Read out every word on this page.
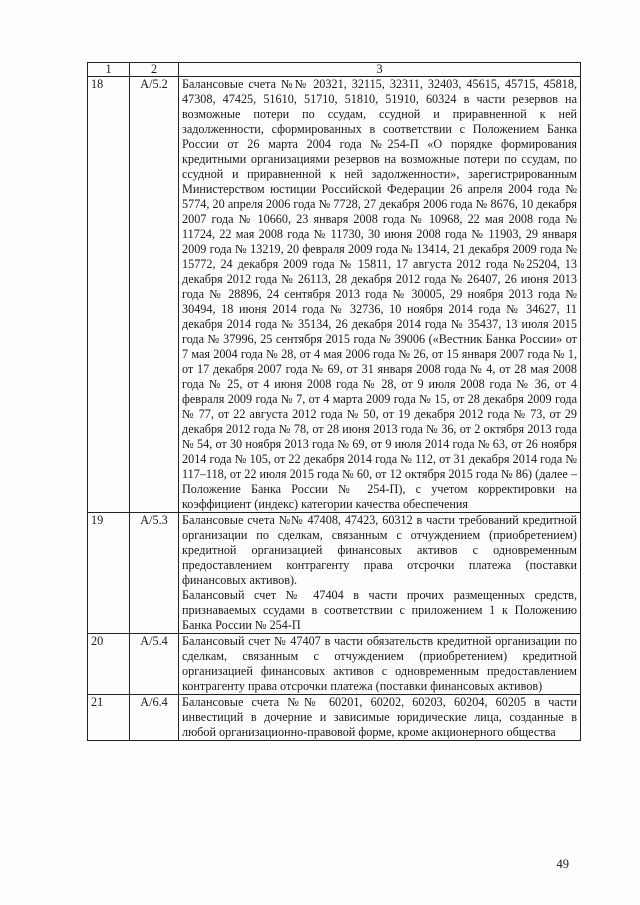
1	2	3
18	А/5.2	Балансовые счета №№ 20321, 32115, 32311, 32403, 45615, 45715, 45818, 47308, 47425, 51610, 51710, 51810, 51910, 60324 в части резервов на возможные потери по ссудам, ссудной и приравненной к ней задолженности, сформированных в соответствии с Положением Банка России от 26 марта 2004 года №254-П «О порядке формирования кредитными организациями резервов на возможные потери по ссудам, по ссудной и приравненной к ней задолженности», зарегистрированным Министерством юстиции Российской Федерации 26 апреля 2004 года № 5774, 20 апреля 2006 года № 7728, 27 декабря 2006 года № 8676, 10 декабря 2007 года № 10660, 23 января 2008 года № 10968, 22 мая 2008 года № 11724, 22 мая 2008 года № 11730, 30 июня 2008 года № 11903, 29 января 2009 года № 13219, 20 февраля 2009 года № 13414, 21 декабря 2009 года № 15772, 24 декабря 2009 года № 15811, 17 августа 2012 года №25204, 13 декабря 2012 года № 26113, 28 декабря 2012 года № 26407, 26 июня 2013 года № 28896, 24 сентября 2013 года № 30005, 29 ноября 2013 года № 30494, 18 июня 2014 года № 32736, 10 ноября 2014 года № 34627, 11 декабря 2014 года № 35134, 26 декабря 2014 года № 35437, 13 июля 2015 года № 37996, 25 сентября 2015 года № 39006 («Вестник Банка России» от 7 мая 2004 года № 28, от 4 мая 2006 года № 26, от 15 января 2007 года № 1, от 17 декабря 2007 года № 69, от 31 января 2008 года № 4, от 28 мая 2008 года № 25, от 4 июня 2008 года № 28, от 9 июля 2008 года № 36, от 4 февраля 2009 года № 7, от 4 марта 2009 года № 15, от 28 декабря 2009 года № 77, от 22 августа 2012 года № 50, от 19 декабря 2012 года № 73, от 29 декабря 2012 года № 78, от 28 июня 2013 года № 36, от 2 октября 2013 года № 54, от 30 ноября 2013 года № 69, от 9 июля 2014 года № 63, от 26 ноября 2014 года № 105, от 22 декабря 2014 года № 112, от 31 декабря 2014 года № 117–118, от 22 июля 2015 года № 60, от 12 октября 2015 года № 86) (далее – Положение Банка России № 254-П), с учетом корректировки на коэффициент (индекс) категории качества обеспечения

19	А/5.3	Балансовые счета №№ 47408, 47423, 60312 в части требований кредитной организации по сделкам, связанным с отчуждением (приобретением) кредитной организацией финансовых активов с одновременным предоставлением контрагенту права отсрочки платежа (поставки финансовых активов).

Балансовый счет № 47404 в части прочих размещенных средств, признаваемых ссудами в соответствии с приложением 1 к Положению Банка России № 254-П

20	А/5.4	Балансовый счет № 47407 в части обязательств кредитной организации по сделкам, связанным с отчуждением (приобретением) кредитной организацией финансовых активов с одновременным предоставлением контрагенту права отсрочки платежа (поставки финансовых активов)

21	А/6.4	Балансовые счета №№ 60201, 60202, 60203, 60204, 60205 в части инвестиций в дочерние и зависимые юридические лица, созданные в любой организационно-правовой форме, кроме акционерного общества

49
